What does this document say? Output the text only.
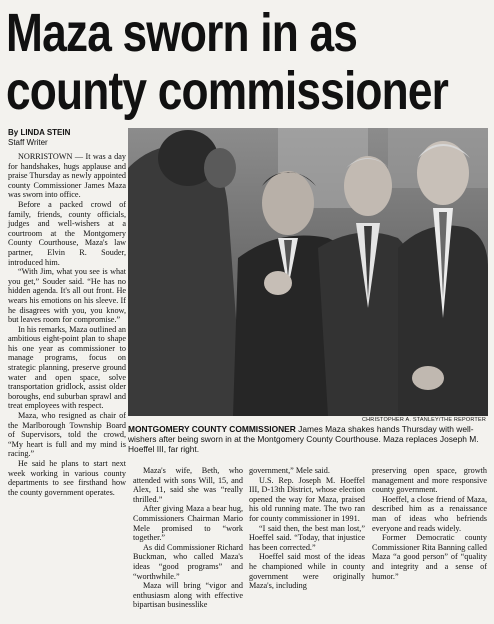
Maza sworn in as
county commissioner
By LINDA STEIN
Staff Writer
CHRISTOPHER A. STANLEY/THE REPORTER
MONTGOMERY COUNTY COMMISSIONER James Maza shakes hands Thursday with well-wishers after being sworn in at the Montgomery County Courthouse. Maza replaces Joseph M. Hoeffel III, far right.

NORRISTOWN — It was a day for handshakes, hugs applause and praise Thursday as newly appointed county Commissioner James Maza was sworn into office.

Before a packed crowd of family, friends, county officials, judges and well-wishers at a courtroom at the Montgomery County Courthouse, Maza's law partner, Elvin R. Souder, introduced him.

“With Jim, what you see is what you get,” Souder said. “He has no hidden agenda. It's all out front. He wears his emotions on his sleeve. If he disagrees with you, you know, but leaves room for compromise.”

In his remarks, Maza outlined an ambitious eight-point plan to shape his one year as commissioner to manage programs, focus on strategic planning, preserve ground water and open space, solve transportation gridlock, assist older boroughs, end suburban sprawl and treat employees with respect.

Maza, who resigned as chair of the Marlborough Township Board of Supervisors, told the crowd, “My heart is full and my mind is racing.”

He said he plans to start next week working in various county departments to see firsthand how the county government operates.

Maza's wife, Beth, who attended with sons Will, 15, and Alex, 11, said she was “really thrilled.”

After giving Maza a bear hug, Commissioners Chairman Mario Mele promised to “work together.”

As did Commissioner Richard Buckman, who called Maza's ideas “good programs” and “worthwhile.”

Maza will bring “vigor and enthusiasm along with effective bipartisan businesslike

government,” Mele said.

U.S. Rep. Joseph M. Hoeffel III, D-13th District, whose election opened the way for Maza, praised his old running mate. The two ran for county commissioner in 1991.

“I said then, the best man lost,” Hoeffel said. “Today, that injustice has been corrected.”

Hoeffel said most of the ideas he championed while in county government were originally Maza's, including

preserving open space, growth management and more responsive county government.

Hoeffel, a close friend of Maza, described him as a renaissance man of ideas who befriends everyone and reads widely.

Former Democratic county Commissioner Rita Banning called Maza “a good person” of “quality and integrity and a sense of humor.”
